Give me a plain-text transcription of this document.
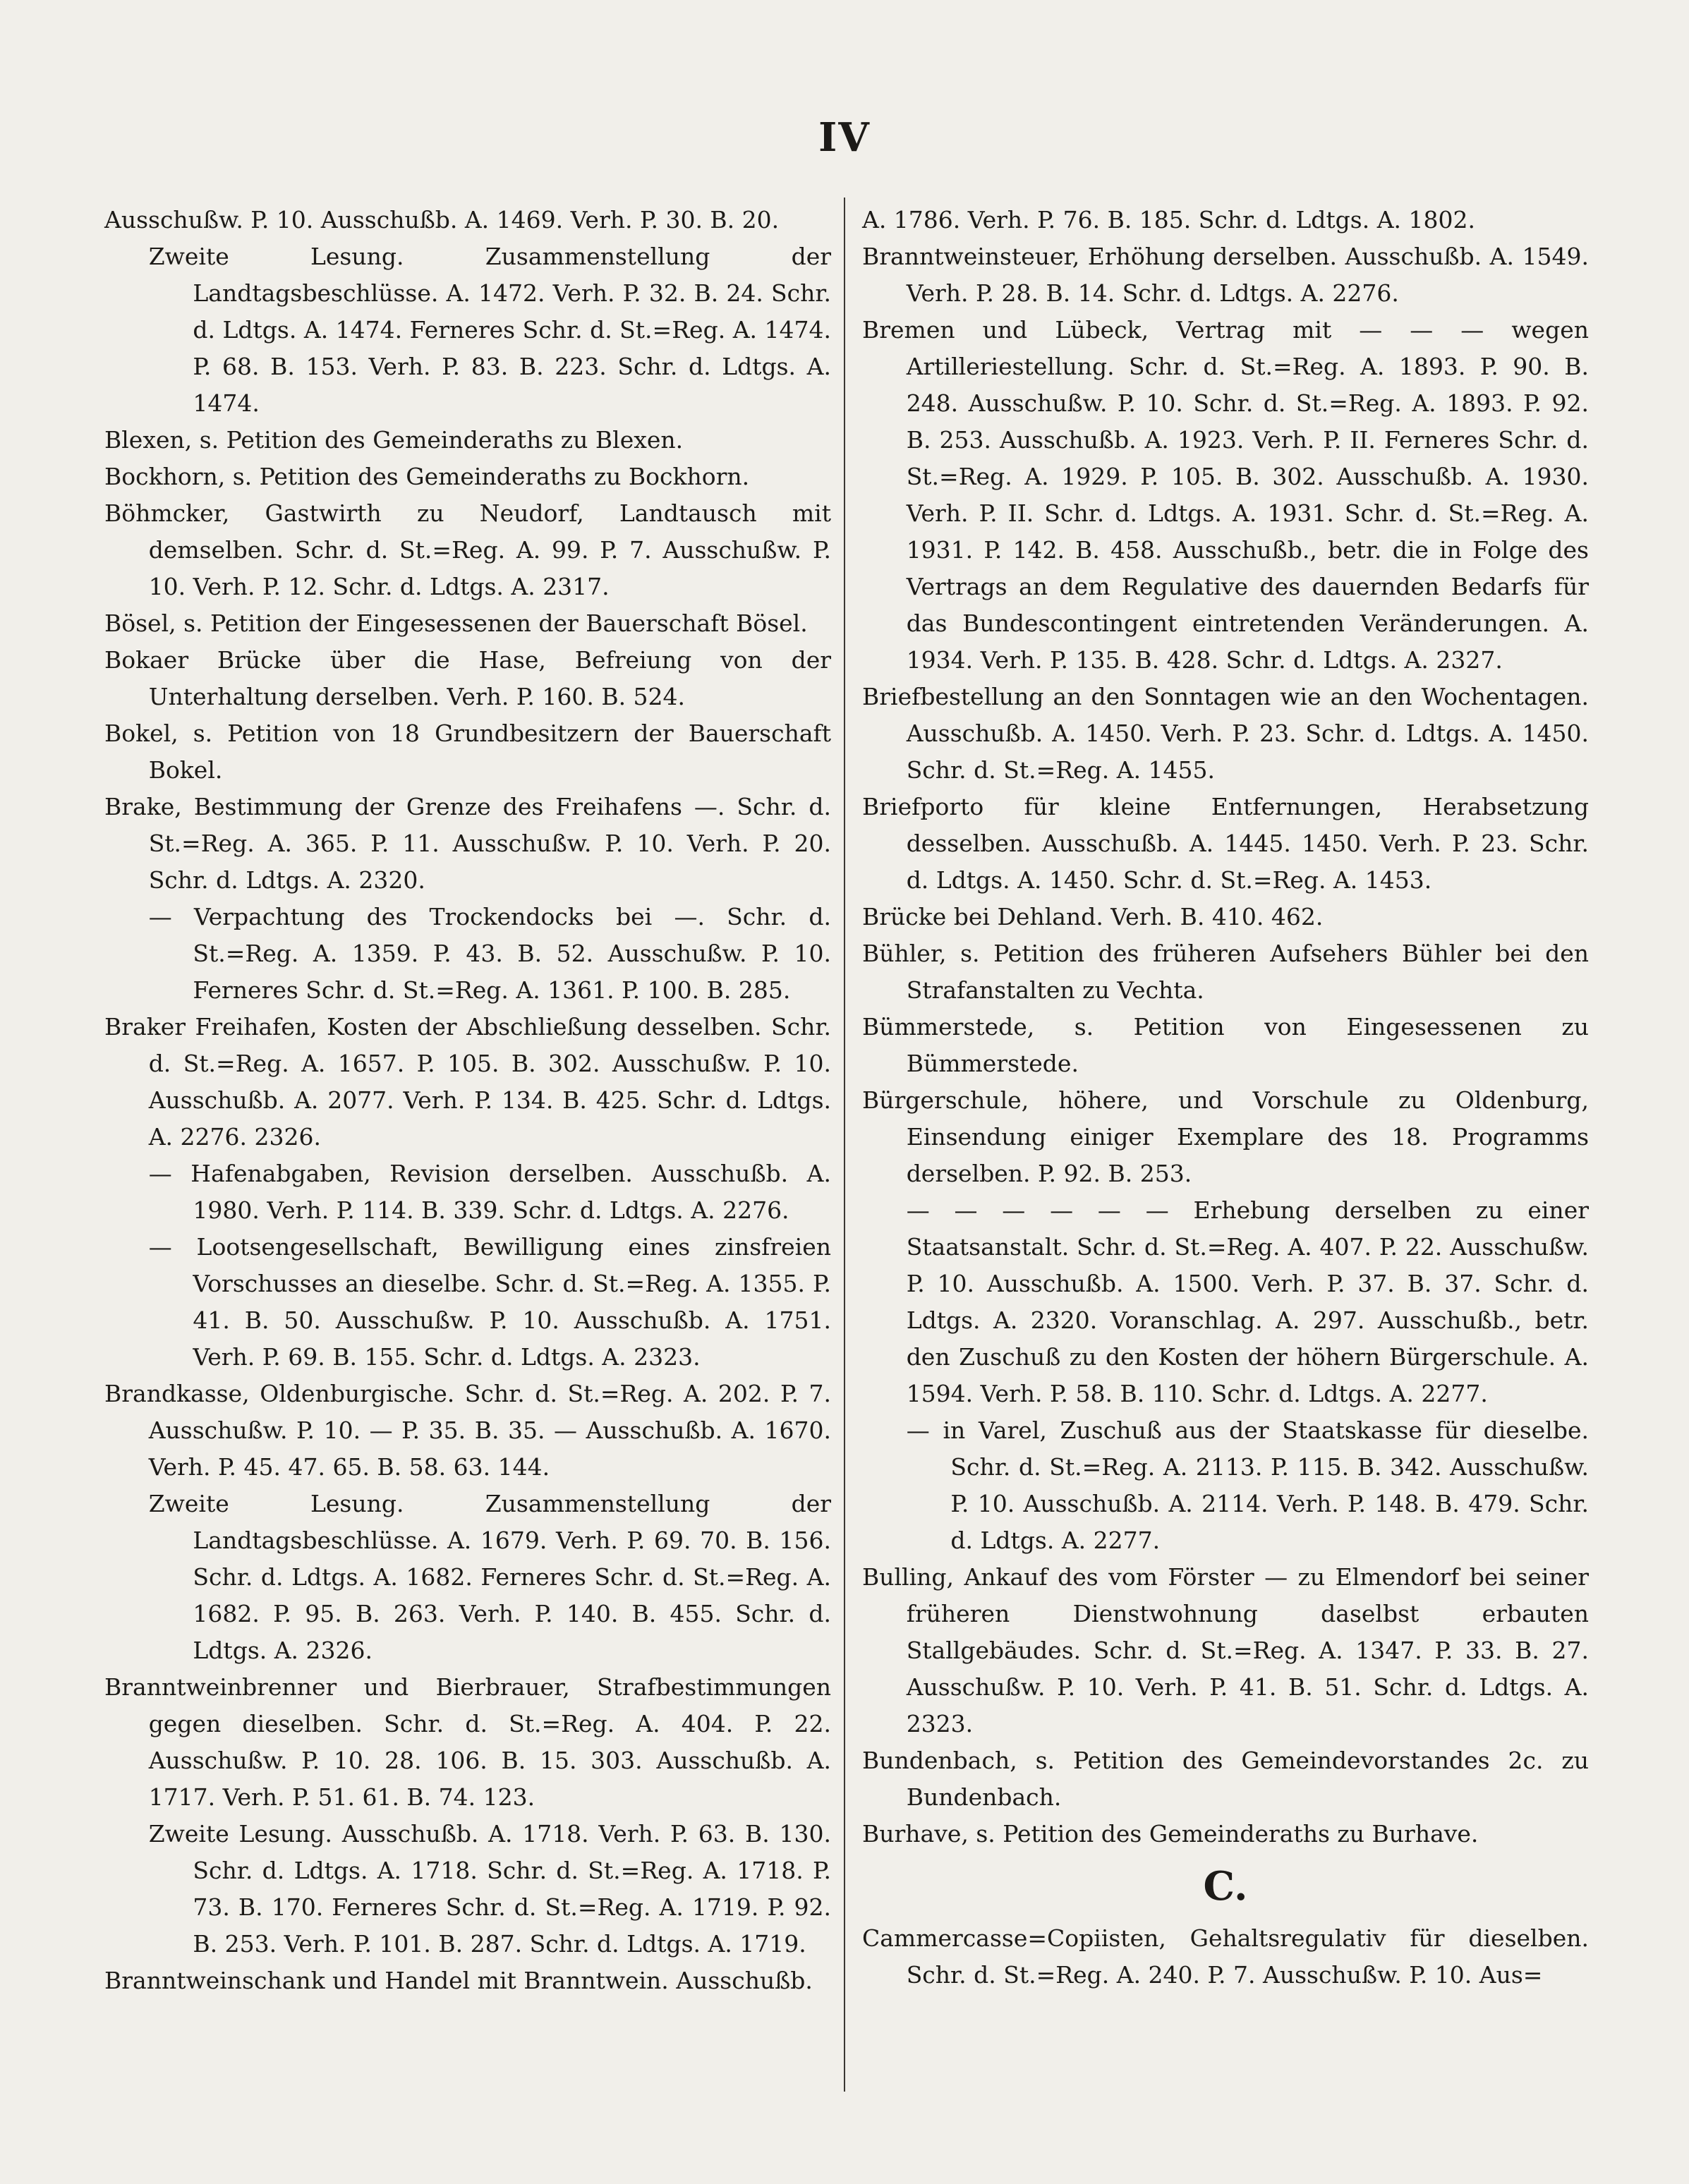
IV

Ausschußw. P. 10. Ausschußb. A. 1469. Verh. P. 30. B. 20.

Zweite Lesung. Zusammenstellung der Landtagsbeschlüsse. A. 1472. Verh. P. 32. B. 24. Schr. d. Ldtgs. A. 1474. Ferneres Schr. d. St.=Reg. A. 1474. P. 68. B. 153. Verh. P. 83. B. 223. Schr. d. Ldtgs. A. 1474.

Blexen, s. Petition des Gemeinderaths zu Blexen.

Bockhorn, s. Petition des Gemeinderaths zu Bockhorn.

Böhmcker, Gastwirth zu Neudorf, Landtausch mit demselben. Schr. d. St.=Reg. A. 99. P. 7. Ausschußw. P. 10. Verh. P. 12. Schr. d. Ldtgs. A. 2317.

Bösel, s. Petition der Eingesessenen der Bauerschaft Bösel.

Bokaer Brücke über die Hase, Befreiung von der Unterhaltung derselben. Verh. P. 160. B. 524.

Bokel, s. Petition von 18 Grundbesitzern der Bauerschaft Bokel.

Brake, Bestimmung der Grenze des Freihafens —. Schr. d. St.=Reg. A. 365. P. 11. Ausschußw. P. 10. Verh. P. 20. Schr. d. Ldtgs. A. 2320.

— Verpachtung des Trockendocks bei —. Schr. d. St.=Reg. A. 1359. P. 43. B. 52. Ausschußw. P. 10. Ferneres Schr. d. St.=Reg. A. 1361. P. 100. B. 285.

Braker Freihafen, Kosten der Abschließung desselben. Schr. d. St.=Reg. A. 1657. P. 105. B. 302. Ausschußw. P. 10. Ausschußb. A. 2077. Verh. P. 134. B. 425. Schr. d. Ldtgs. A. 2276. 2326.

— Hafenabgaben, Revision derselben. Ausschußb. A. 1980. Verh. P. 114. B. 339. Schr. d. Ldtgs. A. 2276.

— Lootsengesellschaft, Bewilligung eines zinsfreien Vorschusses an dieselbe. Schr. d. St.=Reg. A. 1355. P. 41. B. 50. Ausschußw. P. 10. Ausschußb. A. 1751. Verh. P. 69. B. 155. Schr. d. Ldtgs. A. 2323.

Brandkasse, Oldenburgische. Schr. d. St.=Reg. A. 202. P. 7. Ausschußw. P. 10. — P. 35. B. 35. — Ausschußb. A. 1670. Verh. P. 45. 47. 65. B. 58. 63. 144.

Zweite Lesung. Zusammenstellung der Landtagsbeschlüsse. A. 1679. Verh. P. 69. 70. B. 156. Schr. d. Ldtgs. A. 1682. Ferneres Schr. d. St.=Reg. A. 1682. P. 95. B. 263. Verh. P. 140. B. 455. Schr. d. Ldtgs. A. 2326.

Branntweinbrenner und Bierbrauer, Strafbestimmungen gegen dieselben. Schr. d. St.=Reg. A. 404. P. 22. Ausschußw. P. 10. 28. 106. B. 15. 303. Ausschußb. A. 1717. Verh. P. 51. 61. B. 74. 123.

Zweite Lesung. Ausschußb. A. 1718. Verh. P. 63. B. 130. Schr. d. Ldtgs. A. 1718. Schr. d. St.=Reg. A. 1718. P. 73. B. 170. Ferneres Schr. d. St.=Reg. A. 1719. P. 92. B. 253. Verh. P. 101. B. 287. Schr. d. Ldtgs. A. 1719.

Branntweinschank und Handel mit Branntwein. Ausschußb.

A. 1786. Verh. P. 76. B. 185. Schr. d. Ldtgs. A. 1802.

Branntweinsteuer, Erhöhung derselben. Ausschußb. A. 1549. Verh. P. 28. B. 14. Schr. d. Ldtgs. A. 2276.

Bremen und Lübeck, Vertrag mit — — — wegen Artilleriestellung. Schr. d. St.=Reg. A. 1893. P. 90. B. 248. Ausschußw. P. 10. Schr. d. St.=Reg. A. 1893. P. 92. B. 253. Ausschußb. A. 1923. Verh. P. II. Ferneres Schr. d. St.=Reg. A. 1929. P. 105. B. 302. Ausschußb. A. 1930. Verh. P. II. Schr. d. Ldtgs. A. 1931. Schr. d. St.=Reg. A. 1931. P. 142. B. 458. Ausschußb., betr. die in Folge des Vertrags an dem Regulative des dauernden Bedarfs für das Bundescontingent eintretenden Veränderungen. A. 1934. Verh. P. 135. B. 428. Schr. d. Ldtgs. A. 2327.

Briefbestellung an den Sonntagen wie an den Wochentagen. Ausschußb. A. 1450. Verh. P. 23. Schr. d. Ldtgs. A. 1450. Schr. d. St.=Reg. A. 1455.

Briefporto für kleine Entfernungen, Herabsetzung desselben. Ausschußb. A. 1445. 1450. Verh. P. 23. Schr. d. Ldtgs. A. 1450. Schr. d. St.=Reg. A. 1453.

Brücke bei Dehland. Verh. B. 410. 462.

Bühler, s. Petition des früheren Aufsehers Bühler bei den Strafanstalten zu Vechta.

Bümmerstede, s. Petition von Eingesessenen zu Bümmerstede.

Bürgerschule, höhere, und Vorschule zu Oldenburg, Einsendung einiger Exemplare des 18. Programms derselben. P. 92. B. 253.

— — — — — — Erhebung derselben zu einer Staatsanstalt. Schr. d. St.=Reg. A. 407. P. 22. Ausschußw. P. 10. Ausschußb. A. 1500. Verh. P. 37. B. 37. Schr. d. Ldtgs. A. 2320. Voranschlag. A. 297. Ausschußb., betr. den Zuschuß zu den Kosten der höhern Bürgerschule. A. 1594. Verh. P. 58. B. 110. Schr. d. Ldtgs. A. 2277.

— in Varel, Zuschuß aus der Staatskasse für dieselbe. Schr. d. St.=Reg. A. 2113. P. 115. B. 342. Ausschußw. P. 10. Ausschußb. A. 2114. Verh. P. 148. B. 479. Schr. d. Ldtgs. A. 2277.

Bulling, Ankauf des vom Förster — zu Elmendorf bei seiner früheren Dienstwohnung daselbst erbauten Stallgebäudes. Schr. d. St.=Reg. A. 1347. P. 33. B. 27. Ausschußw. P. 10. Verh. P. 41. B. 51. Schr. d. Ldtgs. A. 2323.

Bundenbach, s. Petition des Gemeindevorstandes 2c. zu Bundenbach.

Burhave, s. Petition des Gemeinderaths zu Burhave.

C.

Cammercasse=Copiisten, Gehaltsregulativ für dieselben. Schr. d. St.=Reg. A. 240. P. 7. Ausschußw. P. 10. Aus=
